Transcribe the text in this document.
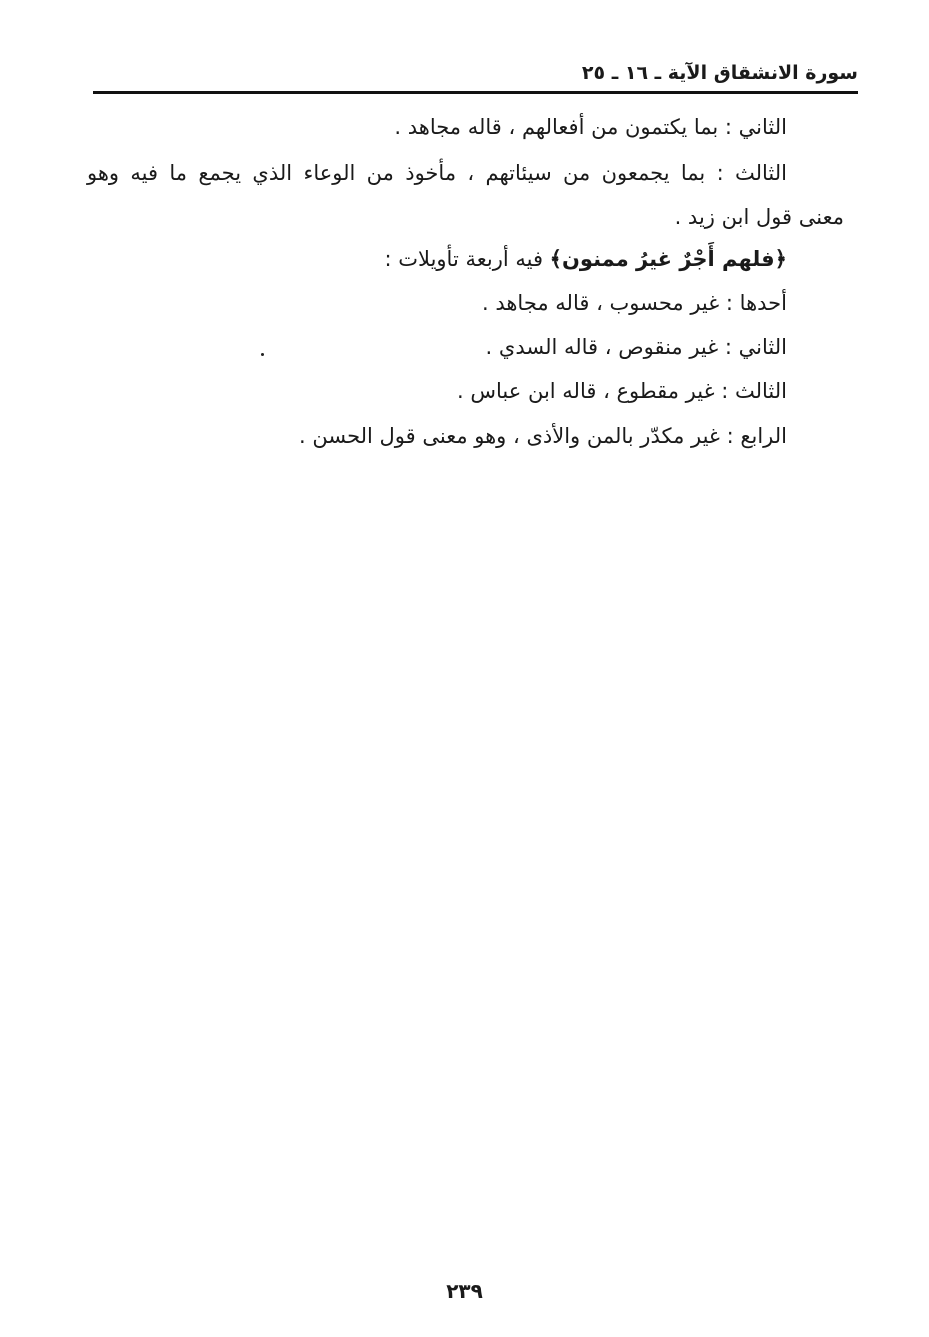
سورة الانشقاق الآية ـ ١٦ ـ ٢٥
الثاني : بما يكتمون من أفعالهم ، قاله مجاهد .
الثالث : بما يجمعون من سيئاتهم ، مأخوذ من الوعاء الذي يجمع ما فيه وهو
معنى قول ابن زيد .
﴿فلهم أَجْرٌ غيرُ ممنون﴾ فيه أربعة تأويلات :
أحدها : غير محسوب ، قاله مجاهد .
الثاني : غير منقوص ، قاله السدي .
الثالث : غير مقطوع ، قاله ابن عباس .
الرابع : غير مكدّر بالمن والأذى ، وهو معنى قول الحسن .
٢٣٩
